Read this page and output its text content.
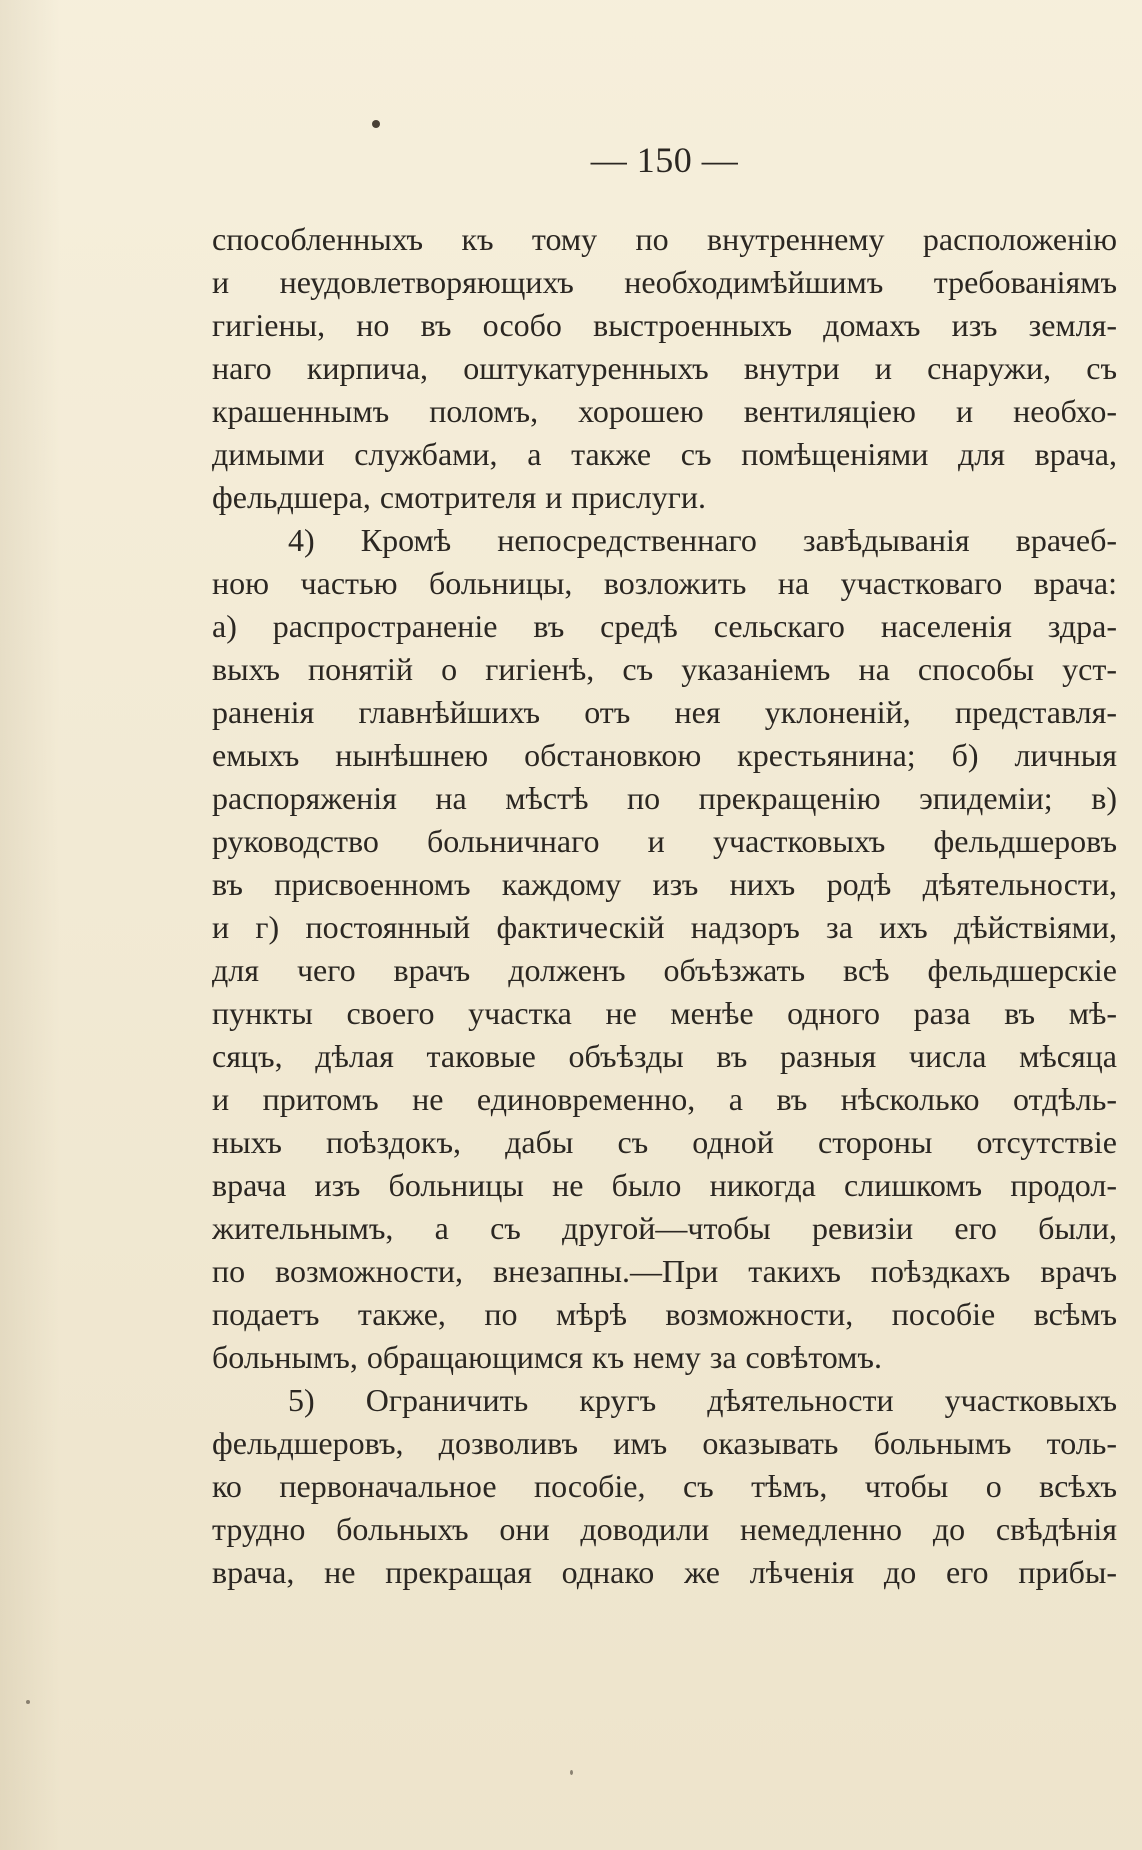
— 150 —
способленныхъ къ тому по внутреннему расположенію
и неудовлетворяющихъ необходимѣйшимъ требованіямъ
гигіены, но въ особо выстроенныхъ домахъ изъ земля-
наго кирпича, оштукатуренныхъ внутри и снаружи, съ
крашеннымъ поломъ, хорошею вентиляціею и необхо-
димыми службами, а также съ помѣщеніями для врача,
фельдшера, смотрителя и прислуги.
4) Кромѣ непосредственнаго завѣдыванія врачеб-
ною частью больницы, возложить на участковаго врача:
а) распространеніе въ средѣ сельскаго населенія здра-
выхъ понятій о гигіенѣ, съ указаніемъ на способы уст-
раненія главнѣйшихъ отъ нея уклоненій, представля-
емыхъ нынѣшнею обстановкою крестьянина; б) личныя
распоряженія на мѣстѣ по прекращенію эпидеміи; в)
руководство больничнаго и участковыхъ фельдшеровъ
въ присвоенномъ каждому изъ нихъ родѣ дѣятельности,
и г) постоянный фактическій надзоръ за ихъ дѣйствіями,
для чего врачъ долженъ объѣзжать всѣ фельдшерскіе
пункты своего участка не менѣе одного раза въ мѣ-
сяцъ, дѣлая таковые объѣзды въ разныя числа мѣсяца
и притомъ не единовременно, а въ нѣсколько отдѣль-
ныхъ поѣздокъ, дабы съ одной стороны отсутствіе
врача изъ больницы не было никогда слишкомъ продол-
жительнымъ, а съ другой—чтобы ревизіи его были,
по возможности, внезапны.—При такихъ поѣздкахъ врачъ
подаетъ также, по мѣрѣ возможности, пособіе всѣмъ
больнымъ, обращающимся къ нему за совѣтомъ.
5) Ограничить кругъ дѣятельности участковыхъ
фельдшеровъ, дозволивъ имъ оказывать больнымъ толь-
ко первоначальное пособіе, съ тѣмъ, чтобы о всѣхъ
трудно больныхъ они доводили немедленно до свѣдѣнія
врача, не прекращая однако же лѣченія до его прибы-
